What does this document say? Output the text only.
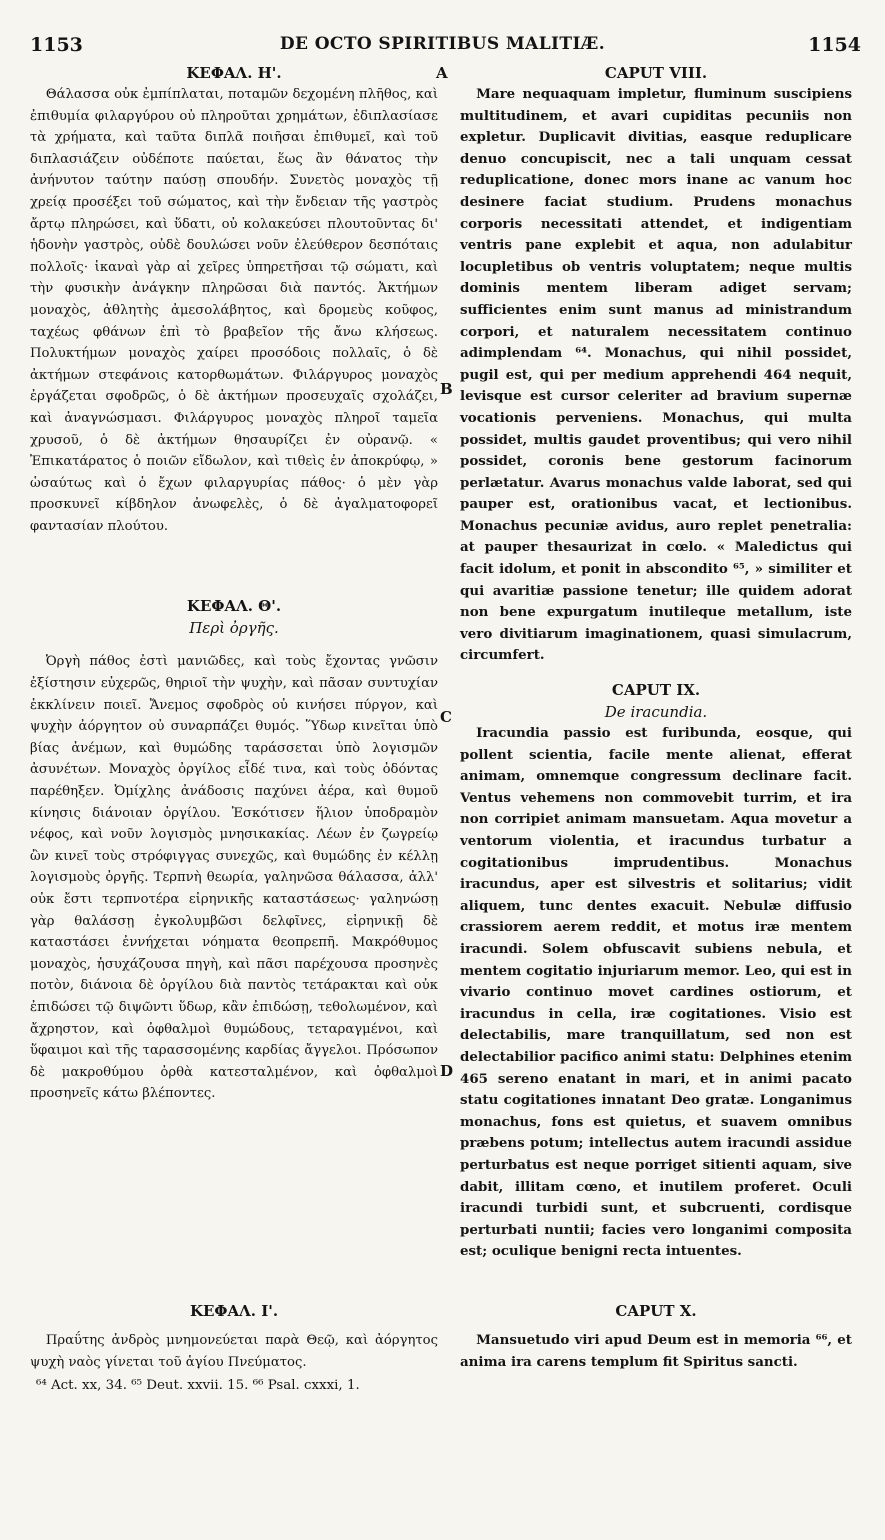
1153	DE OCTO SPIRITIBUS MALITIÆ.	1154
A
B
C
D
ΚΕΦΑΛ. Η'.

Θάλασσα οὐκ ἐμπίπλαται, ποταμῶν δεχομένη πλῆθος, καὶ ἐπιθυμία φιλαργύρου οὐ πληροῦται χρημάτων, ἐδιπλασίασε τὰ χρήματα, καὶ ταῦτα διπλᾶ ποιῆσαι ἐπιθυμεῖ, καὶ τοῦ διπλασιάζειν οὐδέποτε παύεται, ἕως ἂν θάνατος τὴν ἀνήνυτον ταύτην παύσῃ σπουδήν. Συνετὸς μοναχὸς τῇ χρείᾳ προσέξει τοῦ σώματος, καὶ τὴν ἔνδειαν τῆς γαστρὸς ἄρτῳ πληρώσει, καὶ ὕδατι, οὐ κολακεύσει πλουτοῦντας δι' ἡδονὴν γαστρὸς, οὐδὲ δουλώσει νοῦν ἐλεύθερον δεσπόταις πολλοῖς· ἱκαναὶ γὰρ αἱ χεῖρες ὑπηρετῆσαι τῷ σώματι, καὶ τὴν φυσικὴν ἀνάγκην πληρῶσαι διὰ παντός. Ἀκτήμων μοναχὸς, ἀθλητὴς ἀμεσολάβητος, καὶ δρομεὺς κοῦφος, ταχέως φθάνων ἐπὶ τὸ βραβεῖον τῆς ἄνω κλήσεως. Πολυκτήμων μοναχὸς χαίρει προσόδοις πολλαῖς, ὁ δὲ ἀκτήμων στεφάνοις κατορθωμάτων. Φιλάργυρος μοναχὸς ἐργάζεται σφοδρῶς, ὁ δὲ ἀκτήμων προσευχαῖς σχολάζει, καὶ ἀναγνώσμασι. Φιλάργυρος μοναχὸς πληροῖ ταμεῖα χρυσοῦ, ὁ δὲ ἀκτήμων θησαυρίζει ἐν οὐρανῷ. « Ἐπικατάρατος ὁ ποιῶν εἴδωλον, καὶ τιθεὶς ἐν ἀποκρύφῳ, » ὡσαύτως καὶ ὁ ἔχων φιλαργυρίας πάθος· ὁ μὲν γὰρ προσκυνεῖ κίβδηλον ἀνωφελὲς, ὁ δὲ ἀγαλματοφορεῖ φαντασίαν πλούτου.

ΚΕΦΑΛ. Θ'.
Περὶ ὀργῆς.

Ὀργὴ πάθος ἐστὶ μανιῶδες, καὶ τοὺς ἔχοντας γνῶσιν ἐξίστησιν εὐχερῶς, θηριοῖ τὴν ψυχὴν, καὶ πᾶσαν συντυχίαν ἐκκλίνειν ποιεῖ. Ἄνεμος σφοδρὸς οὐ κινήσει πύργον, καὶ ψυχὴν ἀόργητον οὐ συναρπάζει θυμός. Ὕδωρ κινεῖται ὑπὸ βίας ἀνέμων, καὶ θυμώδης ταράσσεται ὑπὸ λογισμῶν ἀσυνέτων. Μοναχὸς ὀργίλος εἶδέ τινα, καὶ τοὺς ὀδόντας παρέθηξεν. Ὀμίχλης ἀνάδοσις παχύνει ἀέρα, καὶ θυμοῦ κίνησις διάνοιαν ὀργίλου. Ἐσκότισεν ἥλιον ὑποδραμὸν νέφος, καὶ νοῦν λογισμὸς μνησικακίας. Λέων ἐν ζωγρείῳ ὢν κινεῖ τοὺς στρόφιγγας συνεχῶς, καὶ θυμώδης ἐν κέλλῃ λογισμοὺς ὀργῆς. Τερπνὴ θεωρία, γαληνῶσα θάλασσα, ἀλλ' οὐκ ἔστι τερπνοτέρα εἰρηνικῆς καταστάσεως· γαληνώσῃ γὰρ θαλάσσῃ ἐγκολυμβῶσι δελφῖνες, εἰρηνικῇ δὲ καταστάσει ἐννήχεται νόηματα θεοπρεπῆ. Μακρόθυμος μοναχὸς, ἡσυχάζουσα πηγὴ, καὶ πᾶσι παρέχουσα προσηνὲς ποτὸν, διάνοια δὲ ὀργίλου διὰ παντὸς τετάρακται καὶ οὐκ ἐπιδώσει τῷ διψῶντι ὕδωρ, κἂν ἐπιδώσῃ, τεθολωμένον, καὶ ἄχρηστον, καὶ ὀφθαλμοὶ θυμώδους, τεταραγμένοι, καὶ ὕφαιμοι καὶ τῆς ταρασσομένης καρδίας ἄγγελοι. Πρόσωπον δὲ μακροθύμου ὀρθὰ κατεσταλμένον, καὶ ὀφθαλμοὶ προσηνεῖς κάτω βλέποντες.

CAPUT VIII.

Mare nequaquam impletur, fluminum suscipiens multitudinem, et avari cupiditas pecuniis non expletur. Duplicavit divitias, easque reduplicare denuo concupiscit, nec a tali unquam cessat reduplicatione, donec mors inane ac vanum hoc desinere faciat studium. Prudens monachus corporis necessitati attendet, et indigentiam ventris pane explebit et aqua, non adulabitur locupletibus ob ventris voluptatem; neque multis dominis mentem liberam adiget servam; sufficientes enim sunt manus ad ministrandum corpori, et naturalem necessitatem continuo adimplendam ⁶⁴. Monachus, qui nihil possidet, pugil est, qui per medium apprehendi 464 nequit, levisque est cursor celeriter ad bravium supernæ vocationis perveniens. Monachus, qui multa possidet, multis gaudet proventibus; qui vero nihil possidet, coronis bene gestorum facinorum perlætatur. Avarus monachus valde laborat, sed qui pauper est, orationibus vacat, et lectionibus. Monachus pecuniæ avidus, auro replet penetralia: at pauper thesaurizat in cœlo. « Maledictus qui facit idolum, et ponit in abscondito ⁶⁵, » similiter et qui avaritiæ passione tenetur; ille quidem adorat non bene expurgatum inutileque metallum, iste vero divitiarum imaginationem, quasi simulacrum, circumfert.

CAPUT IX.
De iracundia.

Iracundia passio est furibunda, eosque, qui pollent scientia, facile mente alienat, efferat animam, omnemque congressum declinare facit. Ventus vehemens non commovebit turrim, et ira non corripiet animam mansuetam. Aqua movetur a ventorum violentia, et iracundus turbatur a cogitationibus imprudentibus. Monachus iracundus, aper est silvestris et solitarius; vidit aliquem, tunc dentes exacuit. Nebulæ diffusio crassiorem aerem reddit, et motus iræ mentem iracundi. Solem obfuscavit subiens nebula, et mentem cogitatio injuriarum memor. Leo, qui est in vivario continuo movet cardines ostiorum, et iracundus in cella, iræ cogitationes. Visio est delectabilis, mare tranquillatum, sed non est delectabilior pacifico animi statu: Delphines etenim 465 sereno enatant in mari, et in animi pacato statu cogitationes innatant Deo gratæ. Longanimus monachus, fons est quietus, et suavem omnibus præbens potum; intellectus autem iracundi assidue perturbatus est neque porriget sitienti aquam, sive dabit, illitam cœno, et inutilem proferet. Oculi iracundi turbidi sunt, et subcruenti, cordisque perturbati nuntii; facies vero longanimi composita est; oculique benigni recta intuentes.

ΚΕΦΑΛ. Ι'.

Πραΰτης ἀνδρὸς μνημονεύεται παρὰ Θεῷ, καὶ ἀόργητος ψυχὴ ναὸς γίνεται τοῦ ἁγίου Πνεύματος.

CAPUT X.

Mansuetudo viri apud Deum est in memoria ⁶⁶, et anima ira carens templum fit Spiritus sancti.

⁶⁴ Act. xx, 34. ⁶⁵ Deut. xxvii. 15. ⁶⁶ Psal. cxxxi, 1.
